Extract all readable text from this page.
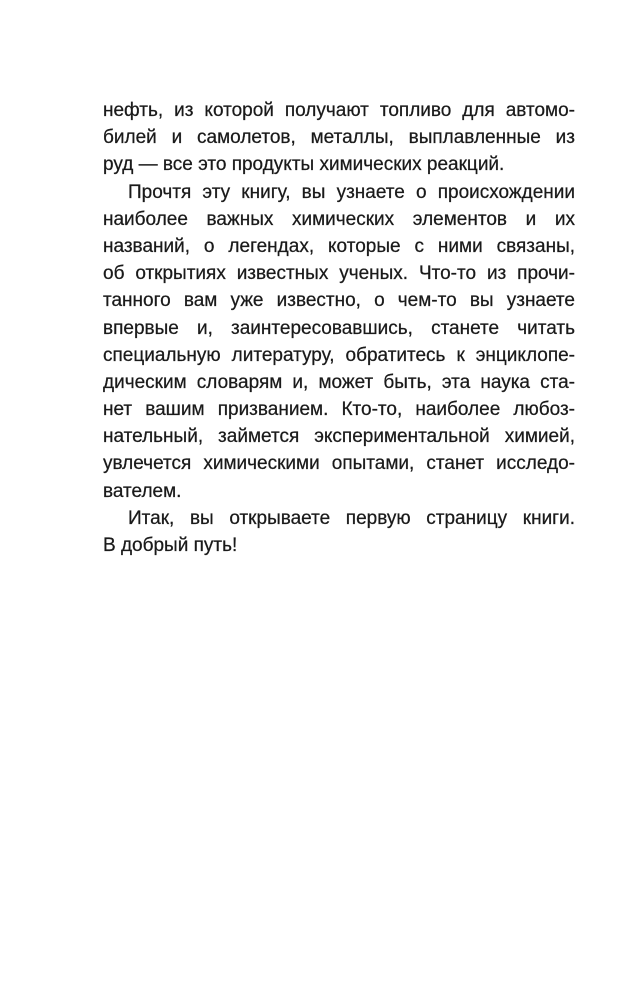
нефть, из которой получают топливо для автомо-
билей и самолетов, металлы, выплавленные из
руд — все это продукты химических реакций.
Прочтя эту книгу, вы узнаете о происхождении
наиболее важных химических элементов и их
названий, о легендах, которые с ними связаны,
об открытиях известных ученых. Что-то из прочи-
танного вам уже известно, о чем-то вы узнаете
впервые и, заинтересовавшись, станете читать
специальную литературу, обратитесь к энциклопе-
дическим словарям и, может быть, эта наука ста-
нет вашим призванием. Кто-то, наиболее любоз-
нательный, займется экспериментальной химией,
увлечется химическими опытами, станет исследо-
вателем.
Итак, вы открываете первую страницу книги.
В добрый путь!
